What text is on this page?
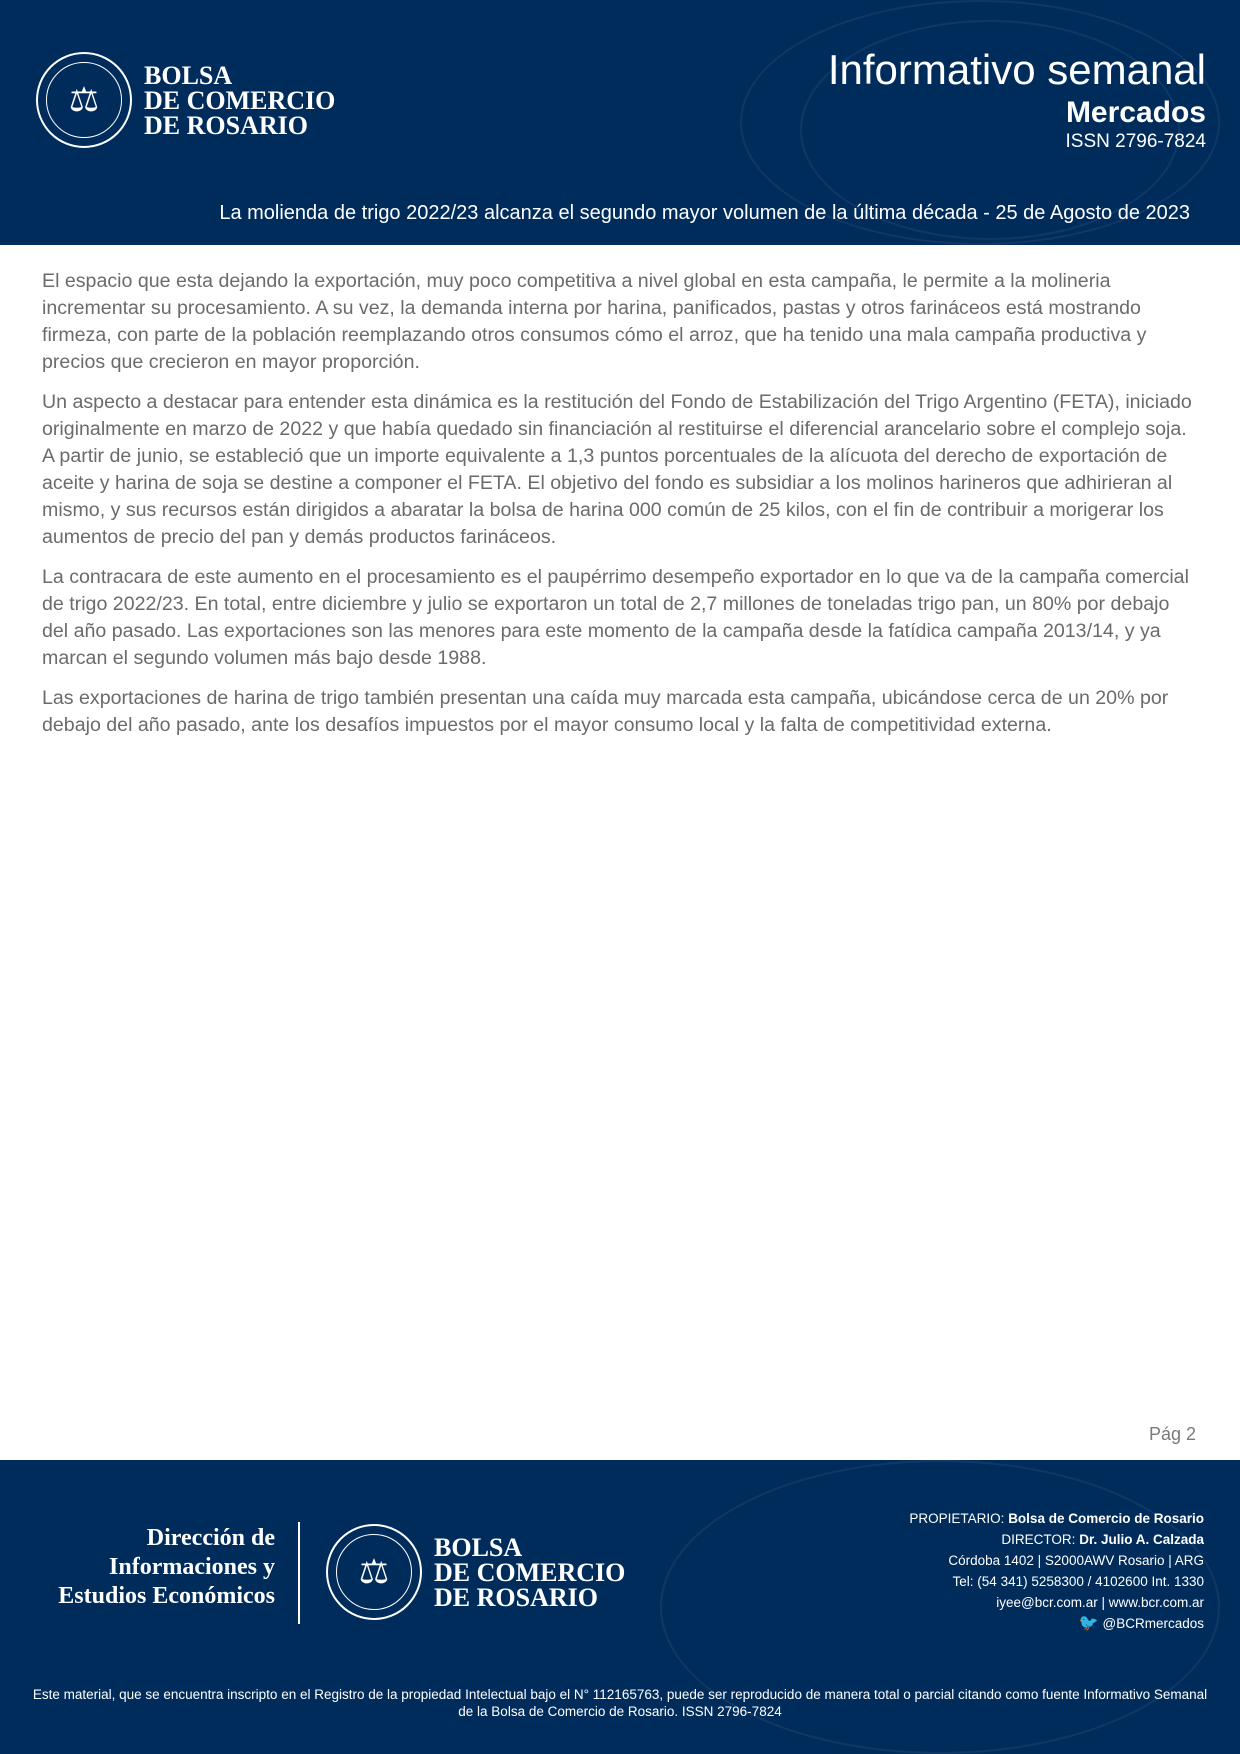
⚖
BOLSA
DE COMERCIO
DE ROSARIO
Informativo semanal
Mercados
ISSN 2796-7824
La molienda de trigo 2022/23 alcanza el segundo mayor volumen de la última década - 25 de Agosto de 2023

El espacio que esta dejando la exportación, muy poco competitiva a nivel global en esta campaña, le permite a la molineria incrementar su procesamiento. A su vez, la demanda interna por harina, panificados, pastas y otros farináceos está mostrando firmeza, con parte de la población reemplazando otros consumos cómo el arroz, que ha tenido una mala campaña productiva y precios que crecieron en mayor proporción.

Un aspecto a destacar para entender esta dinámica es la restitución del Fondo de Estabilización del Trigo Argentino (FETA), iniciado originalmente en marzo de 2022 y que había quedado sin financiación al restituirse el diferencial arancelario sobre el complejo soja. A partir de junio, se estableció que un importe equivalente a 1,3 puntos porcentuales de la alícuota del derecho de exportación de aceite y harina de soja se destine a componer el FETA. El objetivo del fondo es subsidiar a los molinos harineros que adhirieran al mismo, y sus recursos están dirigidos a abaratar la bolsa de harina 000 común de 25 kilos, con el fin de contribuir a morigerar los aumentos de precio del pan y demás productos farináceos.

La contracara de este aumento en el procesamiento es el paupérrimo desempeño exportador en lo que va de la campaña comercial de trigo 2022/23. En total, entre diciembre y julio se exportaron un total de 2,7 millones de toneladas trigo pan, un 80% por debajo del año pasado. Las exportaciones son las menores para este momento de la campaña desde la fatídica campaña 2013/14, y ya marcan el segundo volumen más bajo desde 1988.

Las exportaciones de harina de trigo también presentan una caída muy marcada esta campaña, ubicándose cerca de un 20% por debajo del año pasado, ante los desafíos impuestos por el mayor consumo local y la falta de competitividad externa.

Pág 2
Dirección de
Informaciones y
Estudios Económicos
⚖
BOLSA
DE COMERCIO
DE ROSARIO
PROPIETARIO: Bolsa de Comercio de Rosario
DIRECTOR: Dr. Julio A. Calzada
Córdoba 1402 | S2000AWV Rosario | ARG
Tel: (54 341) 5258300 / 4102600 Int. 1330
iyee@bcr.com.ar | www.bcr.com.ar
🐦 @BCRmercados
Este material, que se encuentra inscripto en el Registro de la propiedad Intelectual bajo el N° 112165763, puede ser reproducido de manera total o parcial citando como fuente Informativo Semanal de la Bolsa de Comercio de Rosario. ISSN 2796-7824
